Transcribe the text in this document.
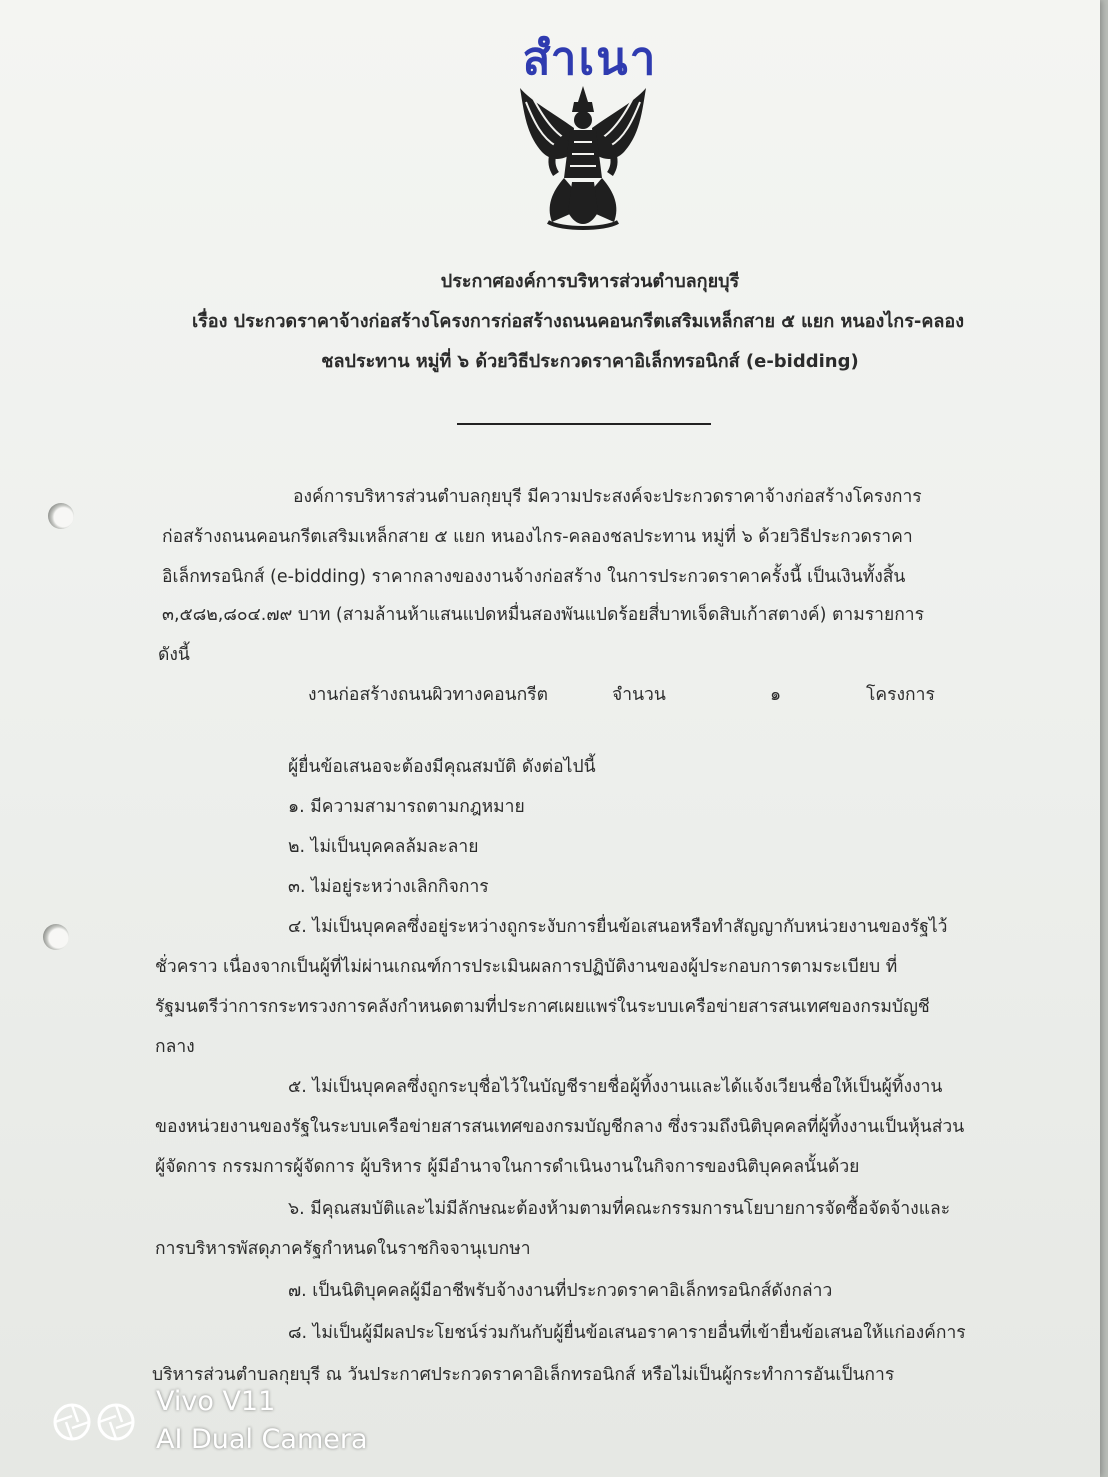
สำเนา
ประกาศองค์การบริหารส่วนตำบลกุยบุรี
เรื่อง ประกวดราคาจ้างก่อสร้างโครงการก่อสร้างถนนคอนกรีตเสริมเหล็กสาย ๕ แยก หนองไกร-คลอง
ชลประทาน หมู่ที่ ๖ ด้วยวิธีประกวดราคาอิเล็กทรอนิกส์ (e-bidding)
องค์การบริหารส่วนตำบลกุยบุรี มีความประสงค์จะประกวดราคาจ้างก่อสร้างโครงการ
ก่อสร้างถนนคอนกรีตเสริมเหล็กสาย ๕ แยก หนองไกร-คลองชลประทาน หมู่ที่ ๖ ด้วยวิธีประกวดราคา
อิเล็กทรอนิกส์ (e-bidding) ราคากลางของงานจ้างก่อสร้าง ในการประกวดราคาครั้งนี้ เป็นเงินทั้งสิ้น
๓,๕๘๒,๘๐๔.๗๙ บาท (สามล้านห้าแสนแปดหมื่นสองพันแปดร้อยสี่บาทเจ็ดสิบเก้าสตางค์) ตามรายการ
ดังนี้
งานก่อสร้างถนนผิวทางคอนกรีต	จำนวน	๑	โครงการ
ผู้ยื่นข้อเสนอจะต้องมีคุณสมบัติ ดังต่อไปนี้
๑. มีความสามารถตามกฎหมาย
๒. ไม่เป็นบุคคลล้มละลาย
๓. ไม่อยู่ระหว่างเลิกกิจการ
๔. ไม่เป็นบุคคลซึ่งอยู่ระหว่างถูกระงับการยื่นข้อเสนอหรือทำสัญญากับหน่วยงานของรัฐไว้
ชั่วคราว เนื่องจากเป็นผู้ที่ไม่ผ่านเกณฑ์การประเมินผลการปฏิบัติงานของผู้ประกอบการตามระเบียบ ที่
รัฐมนตรีว่าการกระทรวงการคลังกำหนดตามที่ประกาศเผยแพร่ในระบบเครือข่ายสารสนเทศของกรมบัญชี
กลาง
๕. ไม่เป็นบุคคลซึ่งถูกระบุชื่อไว้ในบัญชีรายชื่อผู้ทิ้งงานและได้แจ้งเวียนชื่อให้เป็นผู้ทิ้งงาน
ของหน่วยงานของรัฐในระบบเครือข่ายสารสนเทศของกรมบัญชีกลาง ซึ่งรวมถึงนิติบุคคลที่ผู้ทิ้งงานเป็นหุ้นส่วน
ผู้จัดการ กรรมการผู้จัดการ ผู้บริหาร ผู้มีอำนาจในการดำเนินงานในกิจการของนิติบุคคลนั้นด้วย
๖. มีคุณสมบัติและไม่มีลักษณะต้องห้ามตามที่คณะกรรมการนโยบายการจัดซื้อจัดจ้างและ
การบริหารพัสดุภาครัฐกำหนดในราชกิจจานุเบกษา
๗. เป็นนิติบุคคลผู้มีอาชีพรับจ้างงานที่ประกวดราคาอิเล็กทรอนิกส์ดังกล่าว
๘. ไม่เป็นผู้มีผลประโยชน์ร่วมกันกับผู้ยื่นข้อเสนอราคารายอื่นที่เข้ายื่นข้อเสนอให้แก่องค์การ
บริหารส่วนตำบลกุยบุรี ณ วันประกาศประกวดราคาอิเล็กทรอนิกส์ หรือไม่เป็นผู้กระทำการอันเป็นการ
Vivo V11
AI Dual Camera
